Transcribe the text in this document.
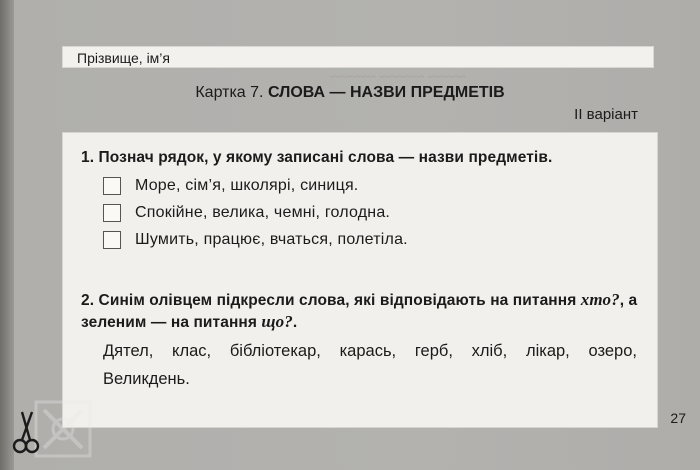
~~~~~ ~~~~~~ ~~~~~~
Прізвище, ім’я
Картка 7. СЛОВА — НАЗВИ ПРЕДМЕТІВ
ІІ варіант
1. Познач рядок, у якому записані слова — назви предметів.
Море, сім’я, школярі, синиця.
Спокійне, велика, чемні, голодна.
Шумить, працює, вчаться, полетіла.
2. Синім олівцем підкресли слова, які відповідають на питання хто?, а зеленим — на питання що?.
Дятел, клас, бібліотекар, карась, герб, хліб, лікар, озеро, Великдень.
27
